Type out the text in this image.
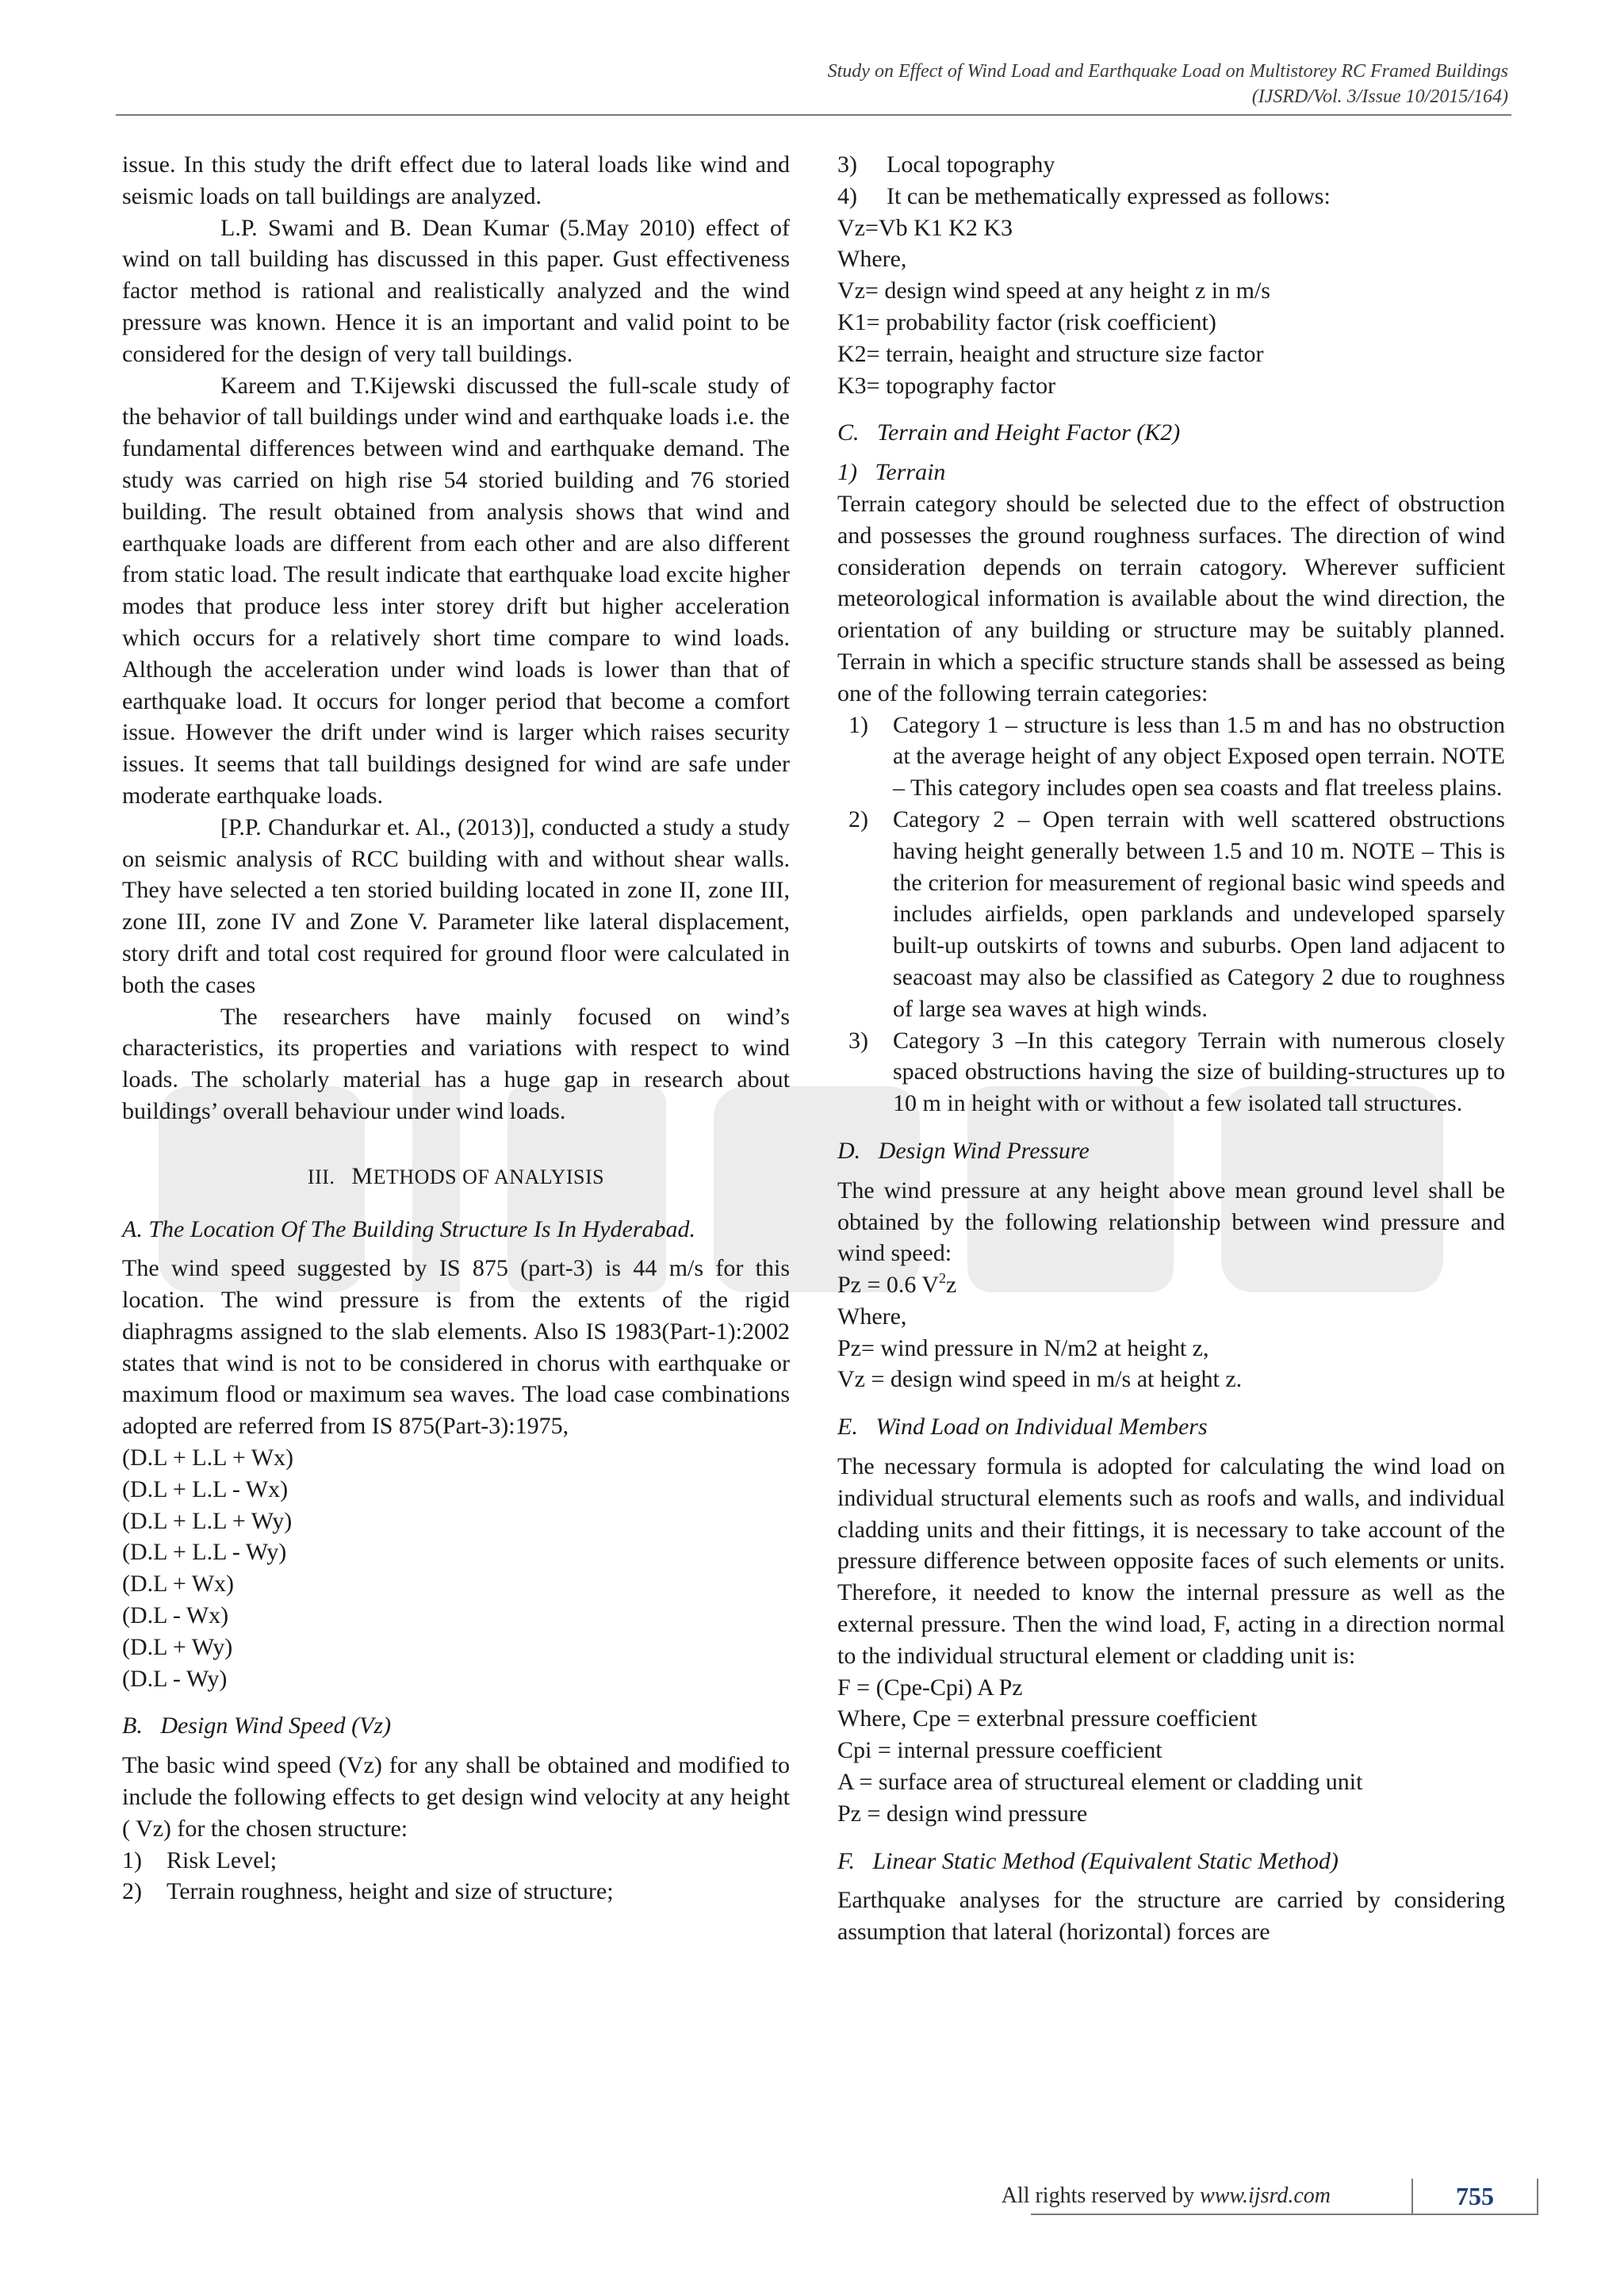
Study on Effect of Wind Load and Earthquake Load on Multistorey RC Framed Buildings
(IJSRD/Vol. 3/Issue 10/2015/164)

issue. In this study the drift effect due to lateral loads like wind and seismic loads on tall buildings are analyzed.

L.P. Swami and B. Dean Kumar (5.May 2010) effect of wind on tall building has discussed in this paper. Gust effectiveness factor method is rational and realistically analyzed and the wind pressure was known. Hence it is an important and valid point to be considered for the design of very tall buildings.

Kareem and T.Kijewski discussed the full-scale study of the behavior of tall buildings under wind and earthquake loads i.e. the fundamental differences between wind and earthquake demand. The study was carried on high rise 54 storied building and 76 storied building. The result obtained from analysis shows that wind and earthquake loads are different from each other and are also different from static load. The result indicate that earthquake load excite higher modes that produce less inter storey drift but higher acceleration which occurs for a relatively short time compare to wind loads. Although the acceleration under wind loads is lower than that of earthquake load. It occurs for longer period that become a comfort issue. However the drift under wind is larger which raises security issues. It seems that tall buildings designed for wind are safe under moderate earthquake loads.

[P.P. Chandurkar et. Al., (2013)], conducted a study a study on seismic analysis of RCC building with and without shear walls. They have selected a ten storied building located in zone II, zone III, zone III, zone IV and Zone V. Parameter like lateral displacement, story drift and total cost required for ground floor were calculated in both the cases

The researchers have mainly focused on wind’s characteristics, its properties and variations with respect to wind loads. The scholarly material has a huge gap in research about buildings’ overall behaviour under wind loads.

III. METHODS OF ANALYISIS
A. The Location Of The Building Structure Is In Hyderabad.

The wind speed suggested by IS 875 (part-3) is 44 m/s for this location. The wind pressure is from the extents of the rigid diaphragms assigned to the slab elements. Also IS 1983(Part-1):2002 states that wind is not to be considered in chorus with earthquake or maximum flood or maximum sea waves. The load case combinations adopted are referred from IS 875(Part-3):1975,

(D.L + L.L + Wx)
(D.L + L.L - Wx)
(D.L + L.L + Wy)
(D.L + L.L - Wy)
(D.L + Wx)
(D.L - Wx)
(D.L + Wy)
(D.L - Wy)
B.   Design Wind Speed (Vz)

The basic wind speed (Vz) for any shall be obtained and modified to include the following effects to get design wind velocity at any height ( Vz) for the chosen structure:

1)	Risk Level;
2)	Terrain roughness, height and size of structure;
3)	Local topography
4)	It can be methematically expressed as follows:
Vz=Vb K1 K2 K3
Where,
Vz= design wind speed at any height z in m/s
K1= probability factor (risk coefficient)
K2= terrain, heaight and structure size factor
K3= topography factor
C.   Terrain and Height Factor (K2)
1)   Terrain

Terrain category should be selected due to the effect of obstruction and possesses the ground roughness surfaces. The direction of wind consideration depends on terrain catogory. Wherever sufficient meteorological information is available about the wind direction, the orientation of any building or structure may be suitably planned. Terrain in which a specific structure stands shall be assessed as being one of the following terrain categories:

1)	Category 1 – structure is less than 1.5 m and has no obstruction at the average height of any object Exposed open terrain. NOTE – This category includes open sea coasts and flat treeless plains.
2)	Category 2 – Open terrain with well scattered obstructions having height generally between 1.5 and 10 m. NOTE – This is the criterion for measurement of regional basic wind speeds and includes airfields, open parklands and undeveloped sparsely built-up outskirts of towns and suburbs. Open land adjacent to seacoast may also be classified as Category 2 due to roughness of large sea waves at high winds.
3)	Category 3 –In this category Terrain with numerous closely spaced obstructions having the size of building-structures up to 10 m in height with or without a few isolated tall structures.
D.   Design Wind Pressure

The wind pressure at any height above mean ground level shall be obtained by the following relationship between wind pressure and wind speed:

Pz = 0.6 $V^2z$
Where,
Pz= wind pressure in N/m2 at height z,
Vz = design wind speed in m/s at height z.
E.   Wind Load on Individual Members

The necessary formula is adopted for calculating the wind load on individual structural elements such as roofs and walls, and individual cladding units and their fittings, it is necessary to take account of the pressure difference between opposite faces of such elements or units. Therefore, it needed to know the internal pressure as well as the external pressure. Then the wind load, F, acting in a direction normal to the individual structural element or cladding unit is:

F = (Cpe-Cpi) A Pz
Where, Cpe = exterbnal pressure coefficient
Cpi = internal pressure coefficient
A = surface area of structureal element or cladding unit
Pz = design wind pressure
F.   Linear Static Method (Equivalent Static Method)

Earthquake analyses for the structure are carried by considering assumption that lateral (horizontal) forces are

All rights reserved by www.ijsrd.com	755
